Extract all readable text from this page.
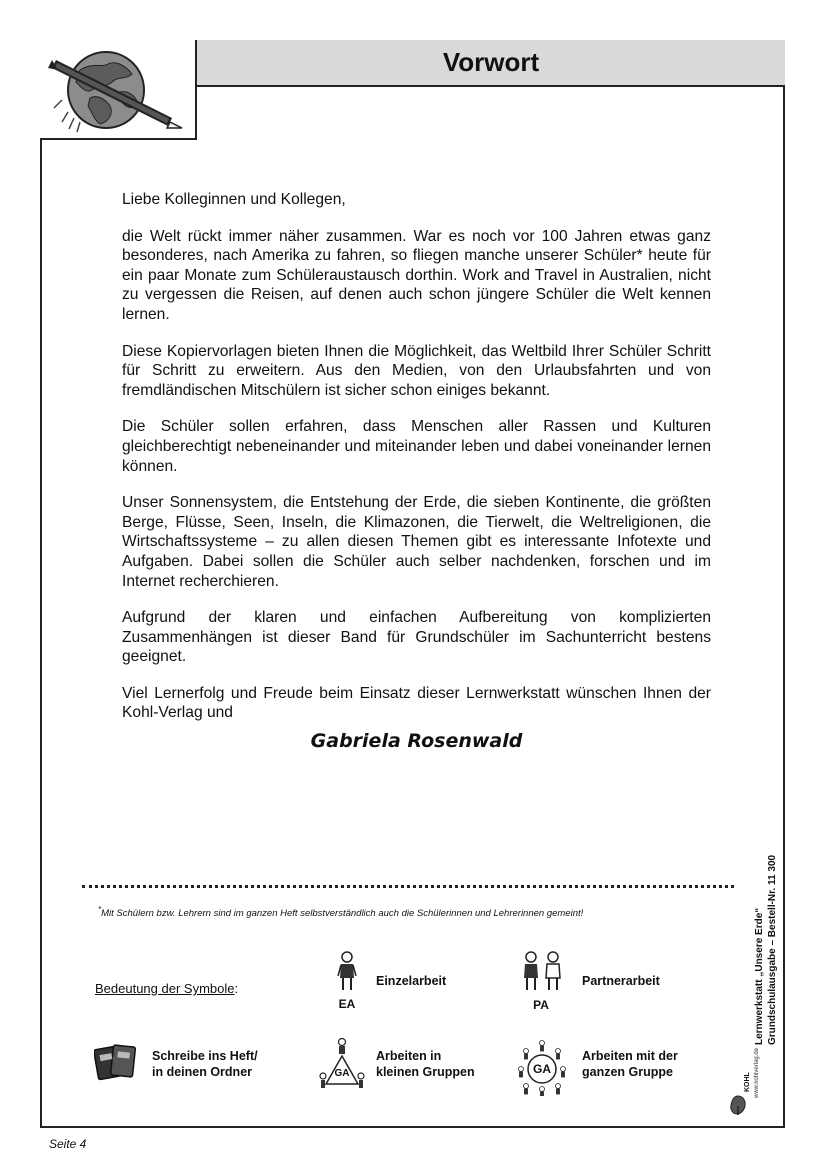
Vorwort

Liebe Kolleginnen und Kollegen,

die Welt rückt immer näher zusammen. War es noch vor 100 Jahren etwas ganz besonderes, nach Amerika zu fahren, so fliegen manche unserer Schüler* heute für ein paar Monate zum Schüleraustausch dorthin. Work and Travel in Australien, nicht zu vergessen die Reisen, auf denen auch schon jüngere Schüler die Welt kennen lernen.

Diese Kopiervorlagen bieten Ihnen die Möglichkeit, das Weltbild Ihrer Schüler Schritt für Schritt zu erweitern. Aus den Medien, von den Urlaubsfahrten und von fremdländischen Mitschülern ist sicher schon einiges bekannt.

Die Schüler sollen erfahren, dass Menschen aller Rassen und Kulturen gleichberechtigt nebeneinander und miteinander leben und dabei voneinander lernen können.

Unser Sonnensystem, die Entstehung der Erde, die sieben Kontinente, die größten Berge, Flüsse, Seen, Inseln, die Klimazonen, die Tierwelt, die Weltreligionen, die Wirtschaftssysteme – zu allen diesen Themen gibt es interessante Infotexte und Aufgaben. Dabei sollen die Schüler auch selber nachdenken, forschen und im Internet recherchieren.

Aufgrund der klaren und einfachen Aufbereitung von komplizierten Zusammenhängen ist dieser Band für Grundschüler im Sachunterricht bestens geeignet.

Viel Lernerfolg und Freude beim Einsatz dieser Lernwerkstatt wünschen Ihnen der Kohl-Verlag und

Gabriela Rosenwald
*Mit Schülern bzw. Lehrern sind im ganzen Heft selbstverständlich auch die Schülerinnen und Lehrerinnen gemeint!
Bedeutung der Symbole:
EA
Einzelarbeit
PA
Partnerarbeit
Schreibe ins Heft/
in deinen Ordner	GA
Arbeiten in
kleinen Gruppen	GA
Arbeiten mit der
ganzen Gruppe
Lernwerkstatt „Unsere Erde“ Grundschulausgabe – Bestell-Nr. 11 300
www.kohlverlag.de
KOHL
Seite 4
